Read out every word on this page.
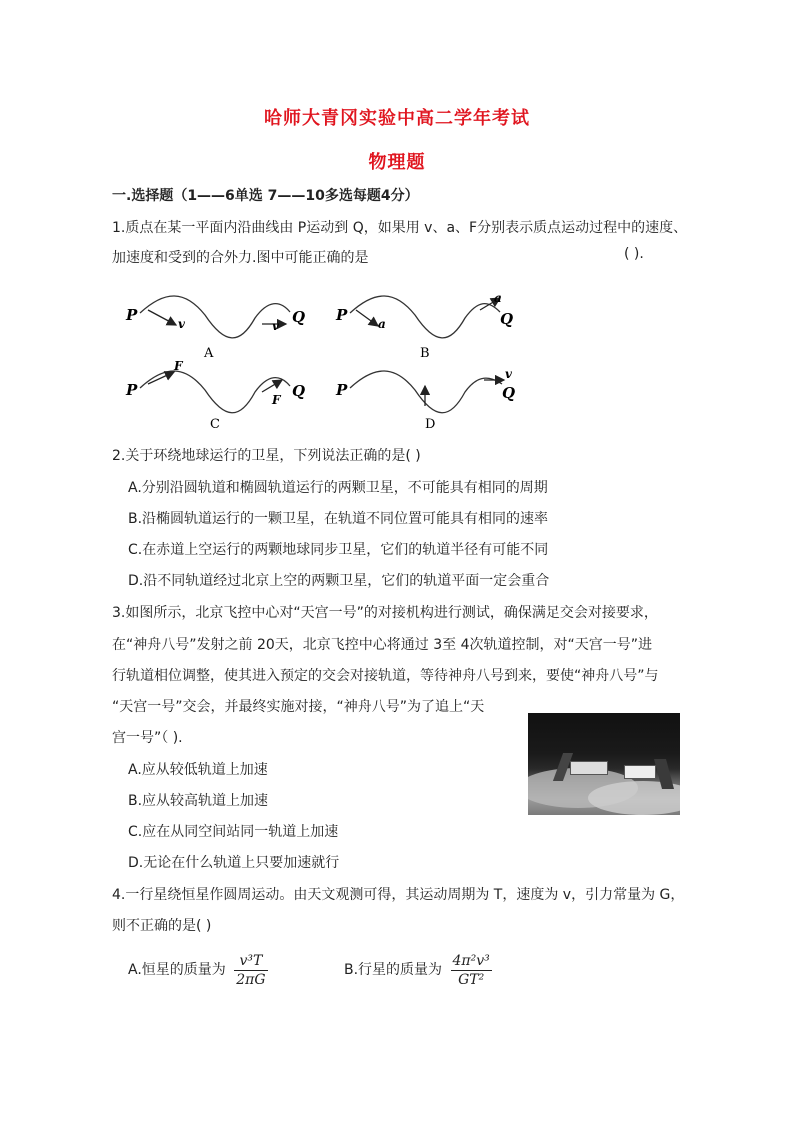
哈师大青冈实验中高二学年考试
物理题
一.选择题（1——6单选 7——10多选每题4分）
1.质点在某一平面内沿曲线由 P运动到 Q，如果用 v、a、F分别表示质点运动过程中的速度、
加速度和受到的合外力.图中可能正确的是	( ).
P	Q
v	v
A
P	Q
a
a
B
P	Q
F
F
C
P	Q
v
D
2.关于环绕地球运行的卫星，下列说法正确的是( )
A.分别沿圆轨道和椭圆轨道运行的两颗卫星，不可能具有相同的周期
B.沿椭圆轨道运行的一颗卫星，在轨道不同位置可能具有相同的速率
C.在赤道上空运行的两颗地球同步卫星，它们的轨道半径有可能不同
D.沿不同轨道经过北京上空的两颗卫星，它们的轨道平面一定会重合
3.如图所示，北京飞控中心对“天宫一号”的对接机构进行测试，确保满足交会对接要求，
在“神舟八号”发射之前 20天，北京飞控中心将通过 3至 4次轨道控制，对“天宫一号”进
行轨道相位调整，使其进入预定的交会对接轨道，等待神舟八号到来，要使“神舟八号”与
“天宫一号”交会，并最终实施对接，“神舟八号”为了追上“天
宫一号”（ ).
A.应从较低轨道上加速
B.应从较高轨道上加速
C.应在从同空间站同一轨道上加速
D.无论在什么轨道上只要加速就行
4.一行星绕恒星作圆周运动。由天文观测可得，其运动周期为 T，速度为 v，引力常量为 G，
则不正确的是( )
A.恒星的质量为 $\frac{\text{v³T}}{2\pi G}$	B.行星的质量为 $\frac{\text{4π²v³}}{\text{GT²}}$
